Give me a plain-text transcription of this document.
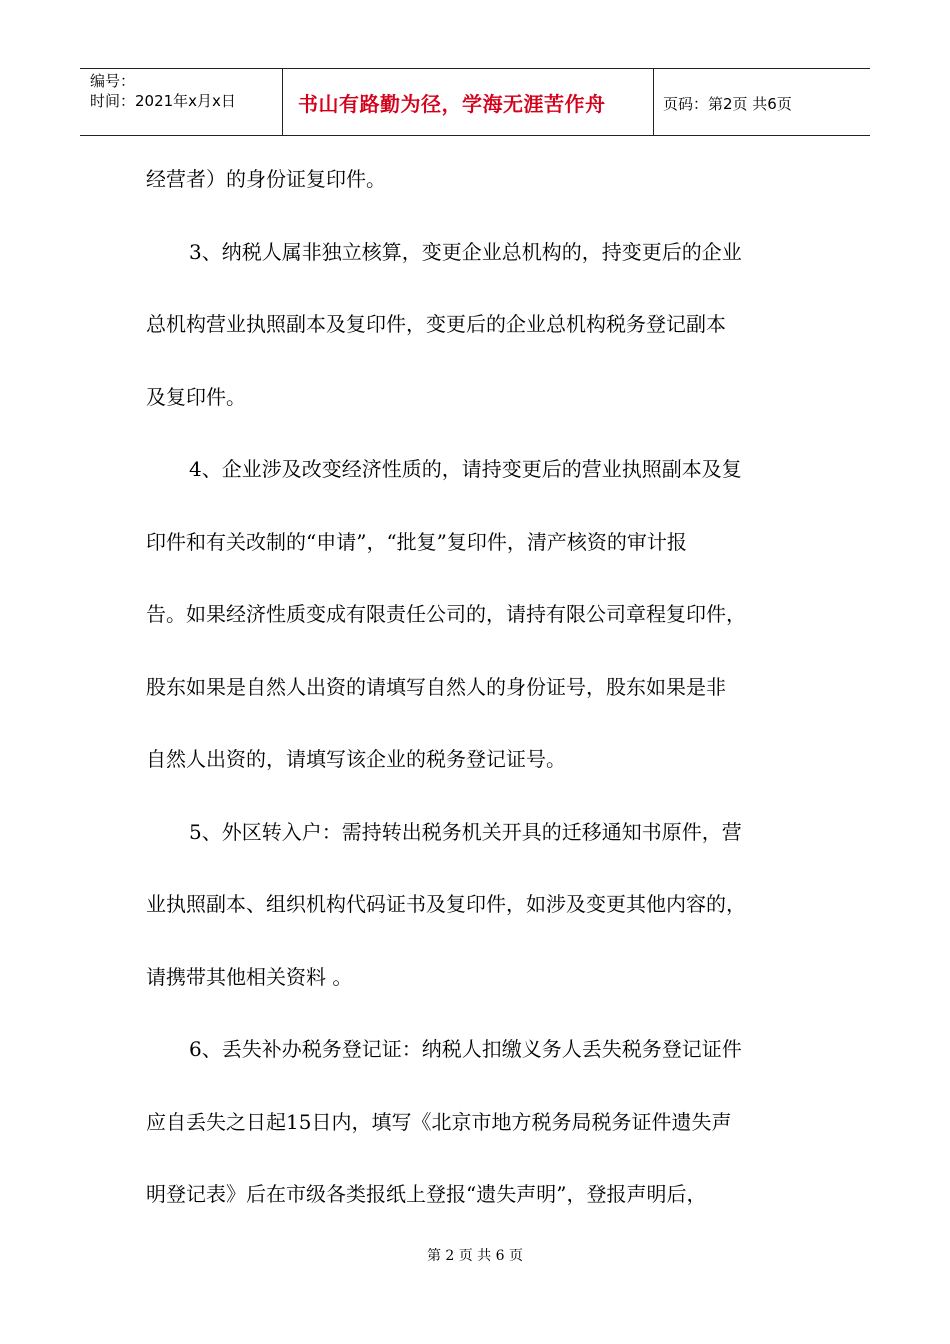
编号：
时间：2021年x月x日	书山有路勤为径，学海无涯苦作舟	页码：第2页 共6页
经营者）的身份证复印件。
3、纳税人属非独立核算，变更企业总机构的，持变更后的企业
总机构营业执照副本及复印件，变更后的企业总机构税务登记副本
及复印件。
4、企业涉及改变经济性质的，请持变更后的营业执照副本及复
印件和有关改制的“申请”，“批复”复印件，清产核资的审计报
告。如果经济性质变成有限责任公司的，请持有限公司章程复印件，
股东如果是自然人出资的请填写自然人的身份证号，股东如果是非
自然人出资的，请填写该企业的税务登记证号。
5、外区转入户：需持转出税务机关开具的迁移通知书原件，营
业执照副本、组织机构代码证书及复印件，如涉及变更其他内容的，
请携带其他相关资料 。
6、丢失补办税务登记证：纳税人扣缴义务人丢失税务登记证件
应自丢失之日起15日内，填写《北京市地方税务局税务证件遗失声
明登记表》后在市级各类报纸上登报“遗失声明”，登报声明后，
第 2 页 共 6 页
